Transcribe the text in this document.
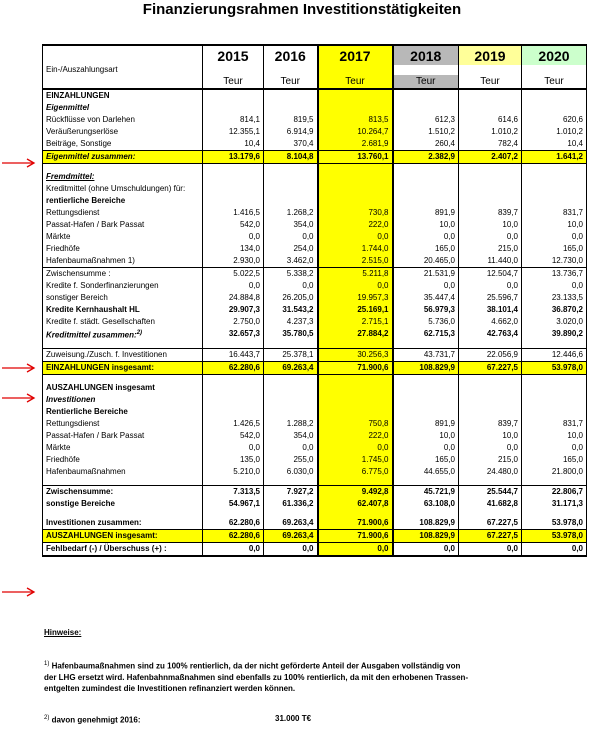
Finanzierungsrahmen Investitionstätigkeiten
	2015	2016	2017	2018	2019	2020
Ein-/Auszahlungsart						
	Teur	Teur	Teur	Teur	Teur	Teur
EINZAHLUNGEN						
Eigenmittel						
Rückflüsse von Darlehen	814,1	819,5	813,5	612,3	614,6	620,6
Veräußerungserlöse	12.355,1	6.914,9	10.264,7	1.510,2	1.010,2	1.010,2
Beiträge, Sonstige	10,4	370,4	2.681,9	260,4	782,4	10,4
Eigenmittel zusammen:	13.179,6	8.104,8	13.760,1	2.382,9	2.407,2	1.641,2

Fremdmittel:						
Kreditmittel (ohne Umschuldungen) für:						
rentierliche Bereiche						
Rettungsdienst	1.416,5	1.268,2	730,8	891,9	839,7	831,7
Passat-Hafen / Bark Passat	542,0	354,0	222,0	10,0	10,0	10,0
Märkte	0,0	0,0	0,0	0,0	0,0	0,0
Friedhöfe	134,0	254,0	1.744,0	165,0	215,0	165,0
Hafenbaumaßnahmen 1)	2.930,0	3.462,0	2.515,0	20.465,0	11.440,0	12.730,0
Zwischensumme :	5.022,5	5.338,2	5.211,8	21.531,9	12.504,7	13.736,7
Kredite f. Sonderfinanzierungen	0,0	0,0	0,0	0,0	0,0	0,0
sonstiger Bereich	24.884,8	26.205,0	19.957,3	35.447,4	25.596,7	23.133,5
Kredite Kernhaushalt HL	29.907,3	31.543,2	25.169,1	56.979,3	38.101,4	36.870,2
Kredite f. städt. Gesellschaften	2.750,0	4.237,3	2.715,1	5.736,0	4.662,0	3.020,0
Kreditmittel zusammen:$^{2)}$	32.657,3	35.780,5	27.884,2	62.715,3	42.763,4	39.890,2

Zuweisung./Zusch. f. Investitionen	16.443,7	25.378,1	30.256,3	43.731,7	22.056,9	12.446,6
EINZAHLUNGEN insgesamt:	62.280,6	69.263,4	71.900,6	108.829,9	67.227,5	53.978,0

AUSZAHLUNGEN insgesamt						
Investitionen						
Rentierliche Bereiche						
Rettungsdienst	1.426,5	1.288,2	750,8	891,9	839,7	831,7
Passat-Hafen / Bark Passat	542,0	354,0	222,0	10,0	10,0	10,0
Märkte	0,0	0,0	0,0	0,0	0,0	0,0
Friedhöfe	135,0	255,0	1.745,0	165,0	215,0	165,0
Hafenbaumaßnahmen	5.210,0	6.030,0	6.775,0	44.655,0	24.480,0	21.800,0

Zwischensumme:	7.313,5	7.927,2	9.492,8	45.721,9	25.544,7	22.806,7
sonstige Bereiche	54.967,1	61.336,2	62.407,8	63.108,0	41.682,8	31.171,3

Investitionen zusammen:	62.280,6	69.263,4	71.900,6	108.829,9	67.227,5	53.978,0
AUSZAHLUNGEN insgesamt:	62.280,6	69.263,4	71.900,6	108.829,9	67.227,5	53.978,0
Fehlbedarf (-) / Überschuss (+) :	0,0	0,0	0,0	0,0	0,0	0,0
Hinweise:
$^{1)}$ Hafenbaumaßnahmen sind zu 100% rentierlich, da der nicht geförderte Anteil der Ausgaben vollständig von
der LHG ersetzt wird. Hafenbahnmaßnahmen sind ebenfalls zu 100% rentierlich, da mit den erhobenen Trassen-
entgelten zumindest die Investitionen refinanziert werden können.
$^{2)}$ davon genehmigt 2016:	31.000 T€
